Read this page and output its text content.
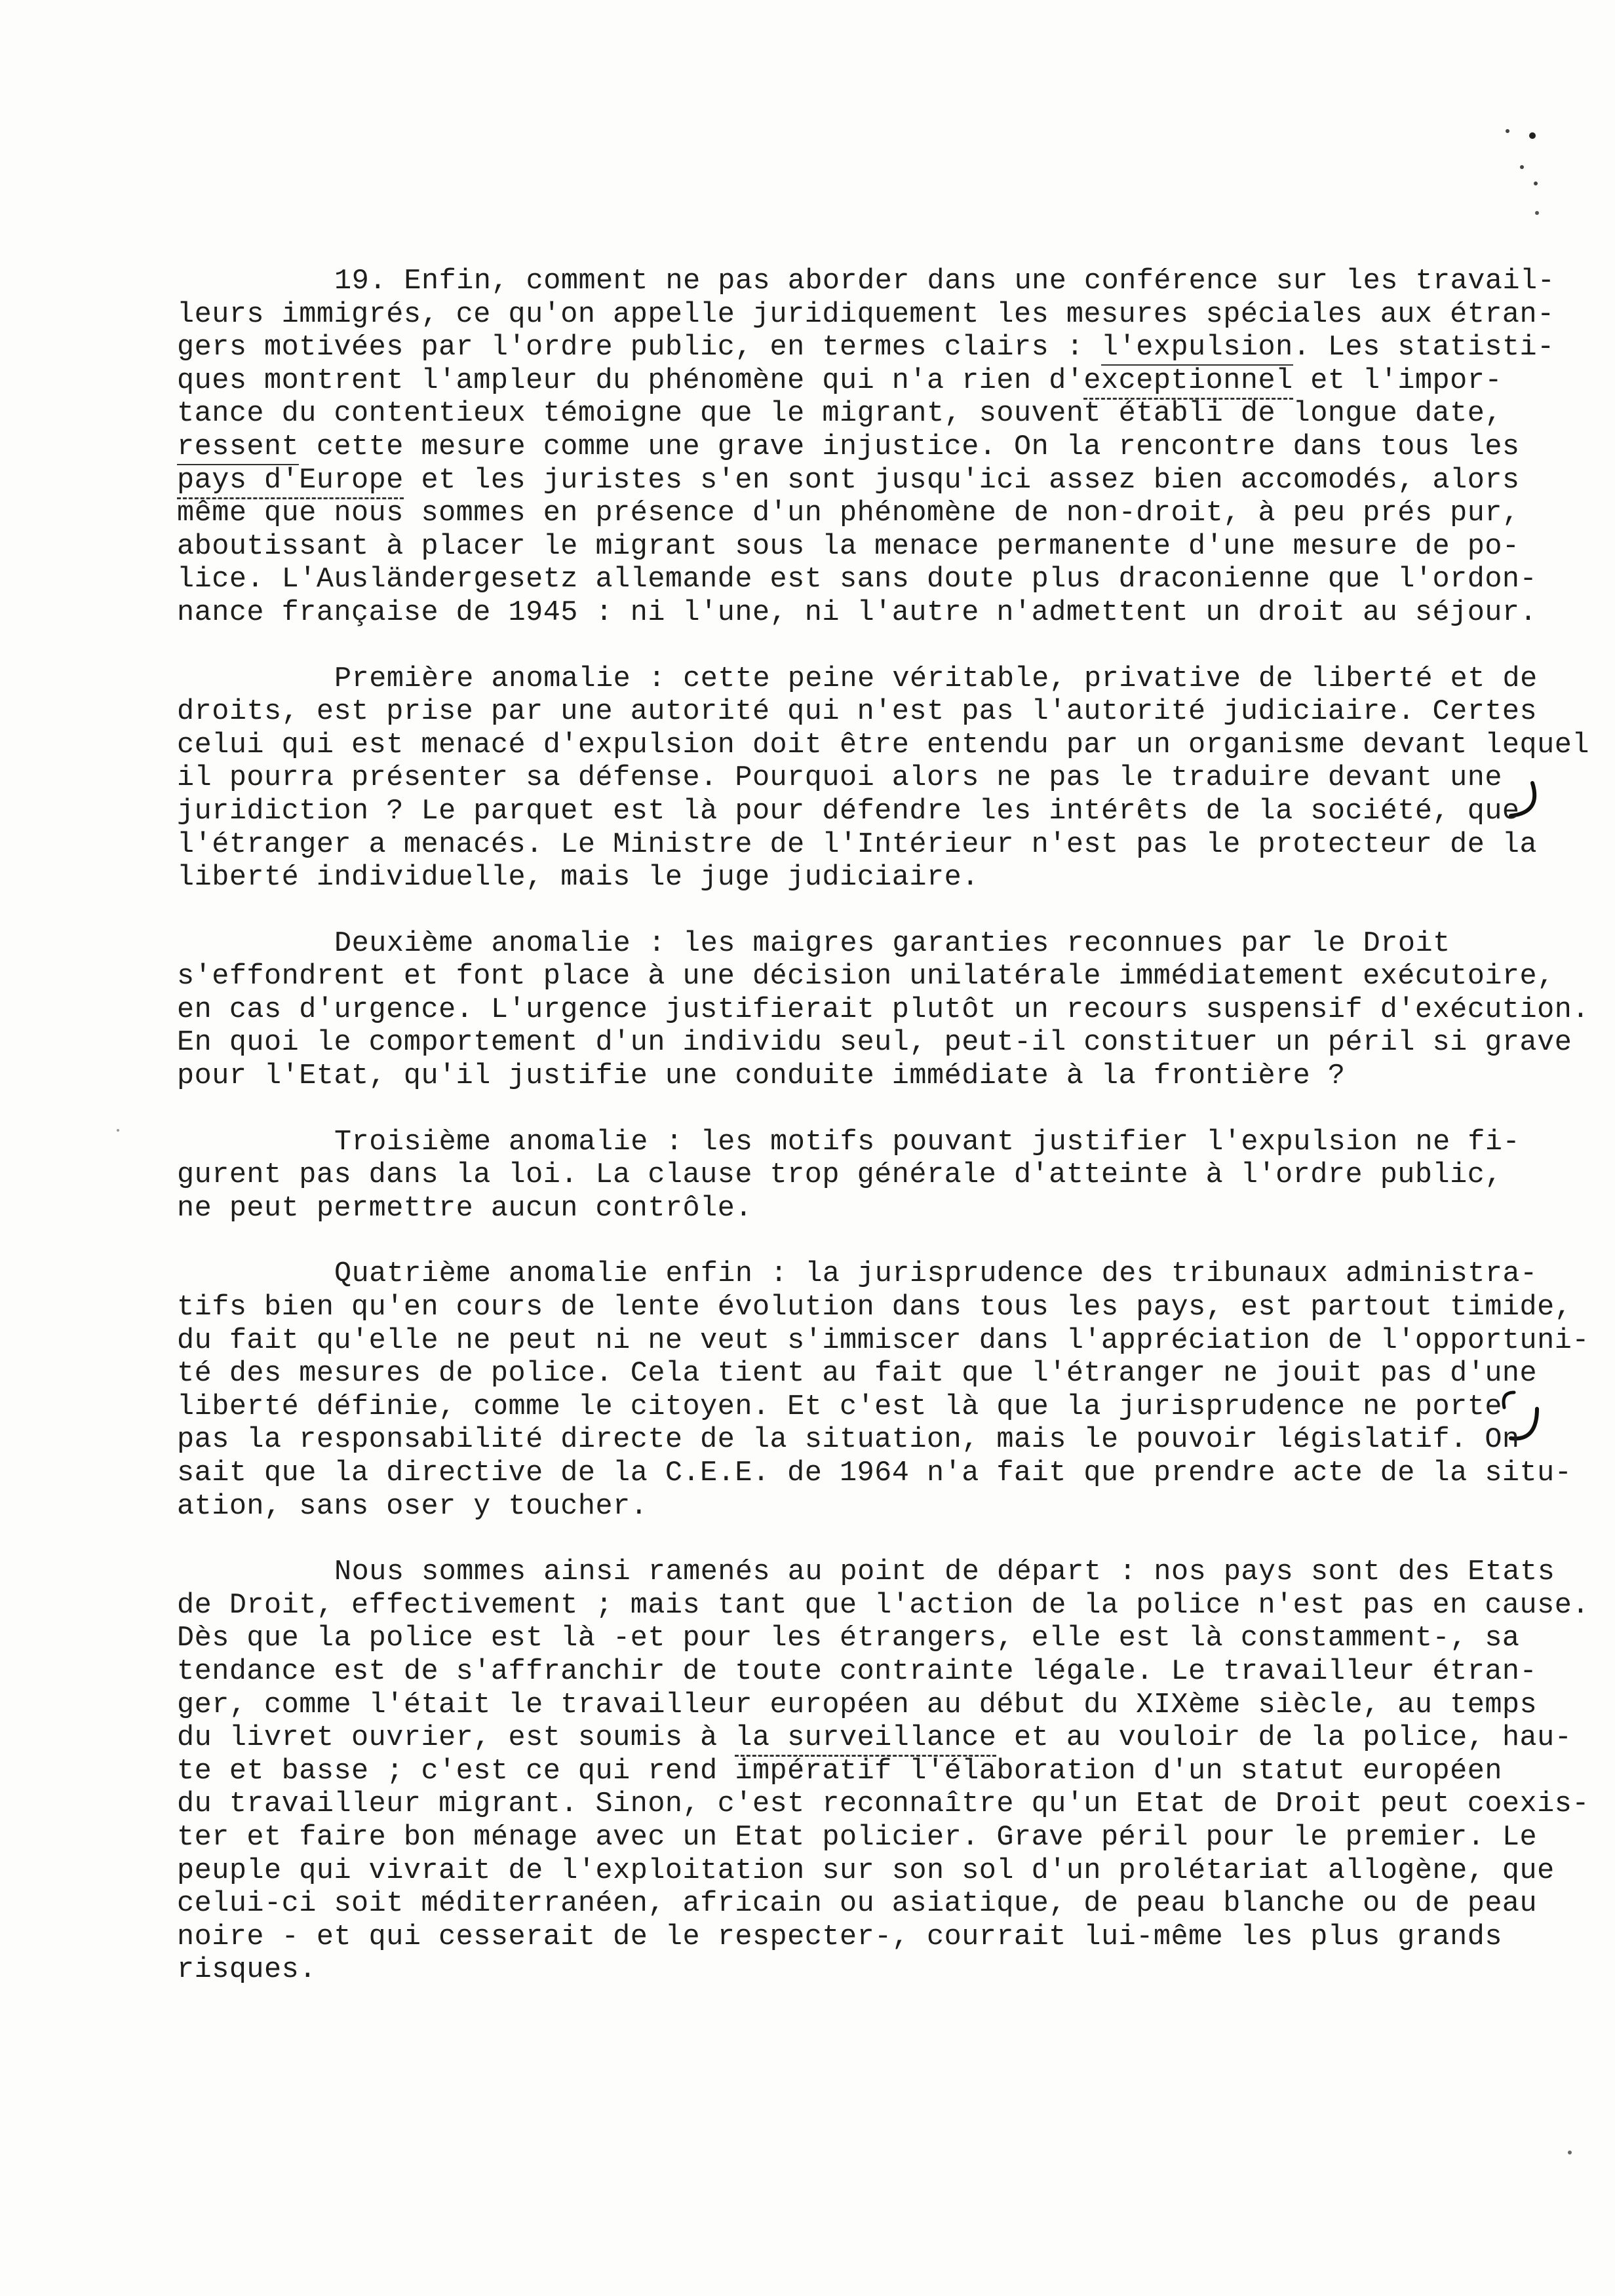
19. Enfin, comment ne pas aborder dans une conférence sur les travail-
leurs immigrés, ce qu'on appelle juridiquement les mesures spéciales aux étran-
gers motivées par l'ordre public, en termes clairs : l'expulsion. Les statisti-
ques montrent l'ampleur du phénomène qui n'a rien d'exceptionnel et l'impor-
tance du contentieux témoigne que le migrant, souvent établi de longue date,
ressent cette mesure comme une grave injustice. On la rencontre dans tous les
pays d'Europe et les juristes s'en sont jusqu'ici assez bien accomodés, alors
même que nous sommes en présence d'un phénomène de non-droit, à peu prés pur,
aboutissant à placer le migrant sous la menace permanente d'une mesure de po-
lice. L'Ausländergesetz allemande est sans doute plus draconienne que l'ordon-
nance française de 1945 : ni l'une, ni l'autre n'admettent un droit au séjour.
Première anomalie : cette peine véritable, privative de liberté et de
droits, est prise par une autorité qui n'est pas l'autorité judiciaire. Certes
celui qui est menacé d'expulsion doit être entendu par un organisme devant lequel
il pourra présenter sa défense. Pourquoi alors ne pas le traduire devant une
juridiction ? Le parquet est là pour défendre les intérêts de la société, que
l'étranger a menacés. Le Ministre de l'Intérieur n'est pas le protecteur de la
liberté individuelle, mais le juge judiciaire.
Deuxième anomalie : les maigres garanties reconnues par le Droit
s'effondrent et font place à une décision unilatérale immédiatement exécutoire,
en cas d'urgence. L'urgence justifierait plutôt un recours suspensif d'exécution.
En quoi le comportement d'un individu seul, peut-il constituer un péril si grave
pour l'Etat, qu'il justifie une conduite immédiate à la frontière ?
Troisième anomalie : les motifs pouvant justifier l'expulsion ne fi-
gurent pas dans la loi. La clause trop générale d'atteinte à l'ordre public,
ne peut permettre aucun contrôle.
Quatrième anomalie enfin : la jurisprudence des tribunaux administra-
tifs bien qu'en cours de lente évolution dans tous les pays, est partout timide,
du fait qu'elle ne peut ni ne veut s'immiscer dans l'appréciation de l'opportuni-
té des mesures de police. Cela tient au fait que l'étranger ne jouit pas d'une
liberté définie, comme le citoyen. Et c'est là que la jurisprudence ne porte
pas la responsabilité directe de la situation, mais le pouvoir législatif. On
sait que la directive de la C.E.E. de 1964 n'a fait que prendre acte de la situ-
ation, sans oser y toucher.
Nous sommes ainsi ramenés au point de départ : nos pays sont des Etats
de Droit, effectivement ; mais tant que l'action de la police n'est pas en cause.
Dès que la police est là -et pour les étrangers, elle est là constamment-, sa
tendance est de s'affranchir de toute contrainte légale. Le travailleur étran-
ger, comme l'était le travailleur européen au début du XIXème siècle, au temps
du livret ouvrier, est soumis à la surveillance et au vouloir de la police, hau-
te et basse ; c'est ce qui rend impératif l'élaboration d'un statut européen
du travailleur migrant. Sinon, c'est reconnaître qu'un Etat de Droit peut coexis-
ter et faire bon ménage avec un Etat policier. Grave péril pour le premier. Le
peuple qui vivrait de l'exploitation sur son sol d'un prolétariat allogène, que
celui-ci soit méditerranéen, africain ou asiatique, de peau blanche ou de peau
noire - et qui cesserait de le respecter-, courrait lui-même les plus grands
risques.
